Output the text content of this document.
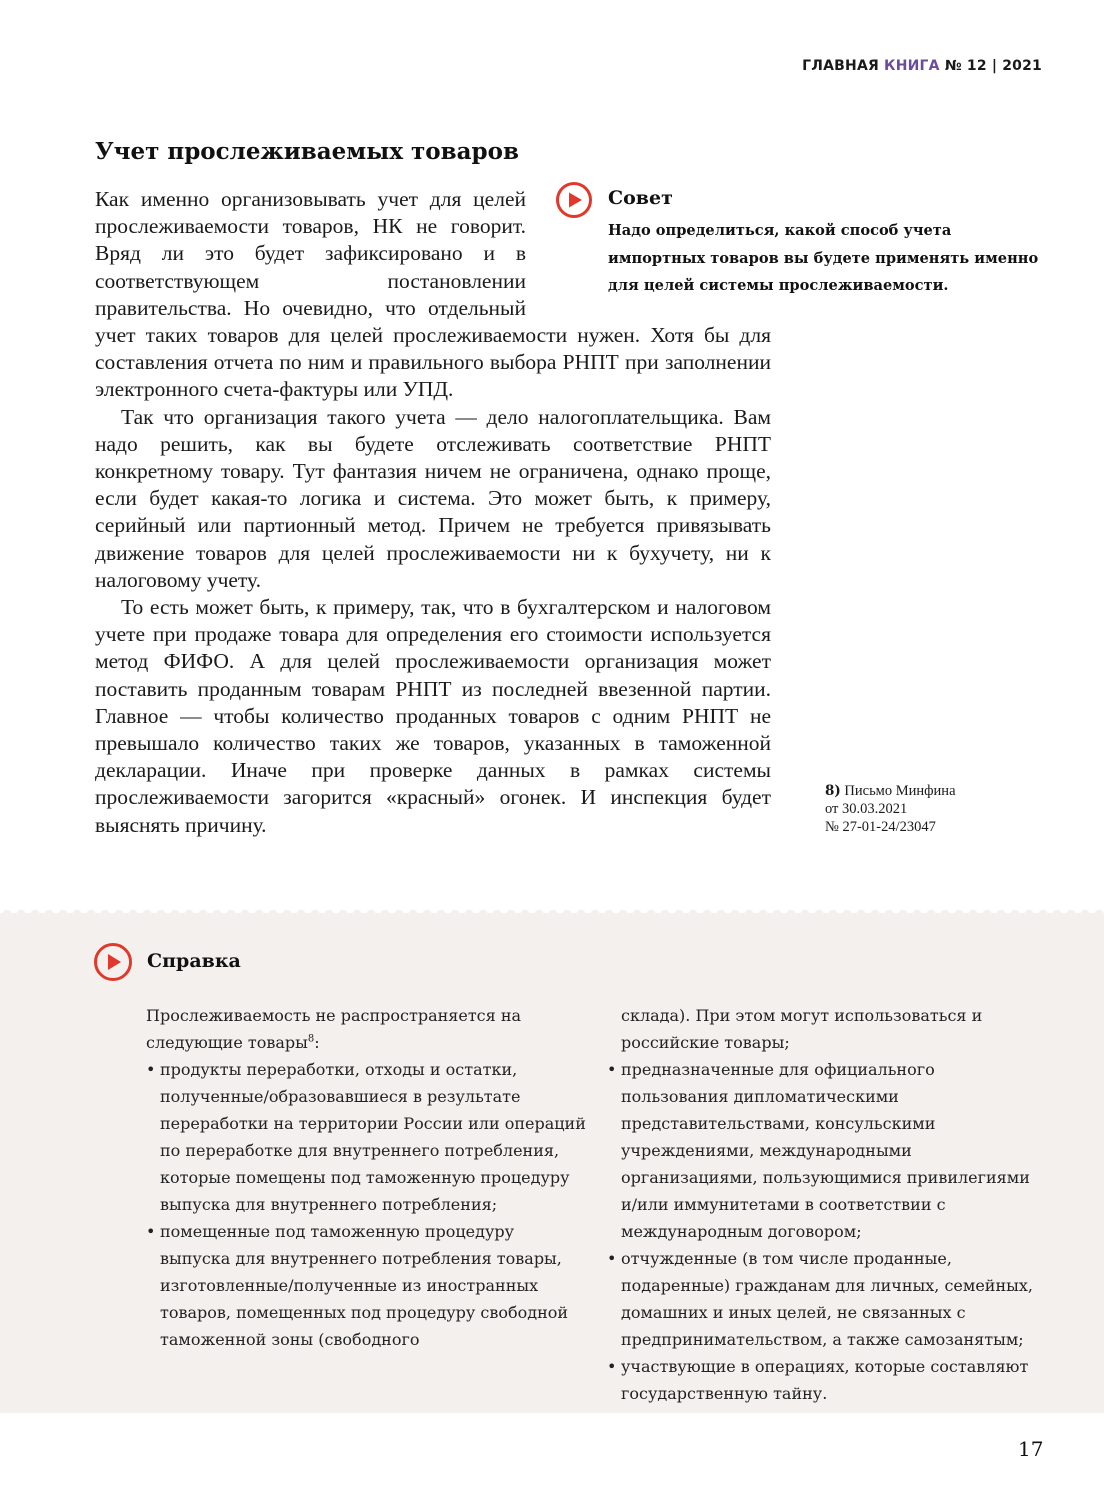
ГЛАВНАЯ КНИГА № 12 | 2021
Учет прослеживаемых товаров

Как именно организовывать учет для целей прослеживаемости товаров, НК не говорит. Вряд ли это будет зафиксировано и в соответствующем постановлении правительства. Но очевидно, что отдельный учет таких товаров для целей прослеживаемости нужен. Хотя бы для составления отчета по ним и правильного выбора РНПТ при заполнении электронного счета-фактуры или УПД.

Так что организация такого учета — дело налогоплательщика. Вам надо решить, как вы будете отслеживать соответствие РНПТ конкретному товару. Тут фантазия ничем не ограничена, однако проще, если будет какая-то логика и система. Это может быть, к примеру, серийный или партионный метод. Причем не требуется привязывать движение товаров для целей прослеживаемости ни к бухучету, ни к налоговому учету.

То есть может быть, к примеру, так, что в бухгалтерском и налоговом учете при продаже товара для определения его стоимости используется метод ФИФО. А для целей прослеживаемости организация может поставить проданным товарам РНПТ из последней ввезенной партии. Главное — чтобы количество проданных товаров с одним РНПТ не превышало количество таких же товаров, указанных в таможенной декларации. Иначе при проверке данных в рамках системы прослеживаемости загорится «красный» огонек. И инспекция будет выяснять причину.

Совет
Надо определиться, какой способ учета импортных товаров вы будете применять именно для целей системы прослеживаемости.
8) Письмо Минфина
от 30.03.2021
№ 27-01-24/23047
Справка

Прослеживаемость не распространяется на следующие товары$^8$:

• продукты переработки, отходы и остатки, полученные/образовавшиеся в результате переработки на территории России или операций по переработке для внутреннего потребления, которые помещены под таможенную процедуру выпуска для внутреннего потребления;
• помещенные под таможенную процедуру выпуска для внутреннего потребления товары, изготовленные/полученные из иностранных товаров, помещенных под процедуру свободной таможенной зоны (свободного
склада). При этом могут использоваться и российские товары;
• предназначенные для официального пользования дипломатическими представительствами, консульскими учреждениями, международными организациями, пользующимися привилегиями и/или иммунитетами в соответствии с международным договором;
• отчужденные (в том числе проданные, подаренные) гражданам для личных, семейных, домашних и иных целей, не связанных с предпринимательством, а также самозанятым;
• участвующие в операциях, которые составляют государственную тайну.
17
